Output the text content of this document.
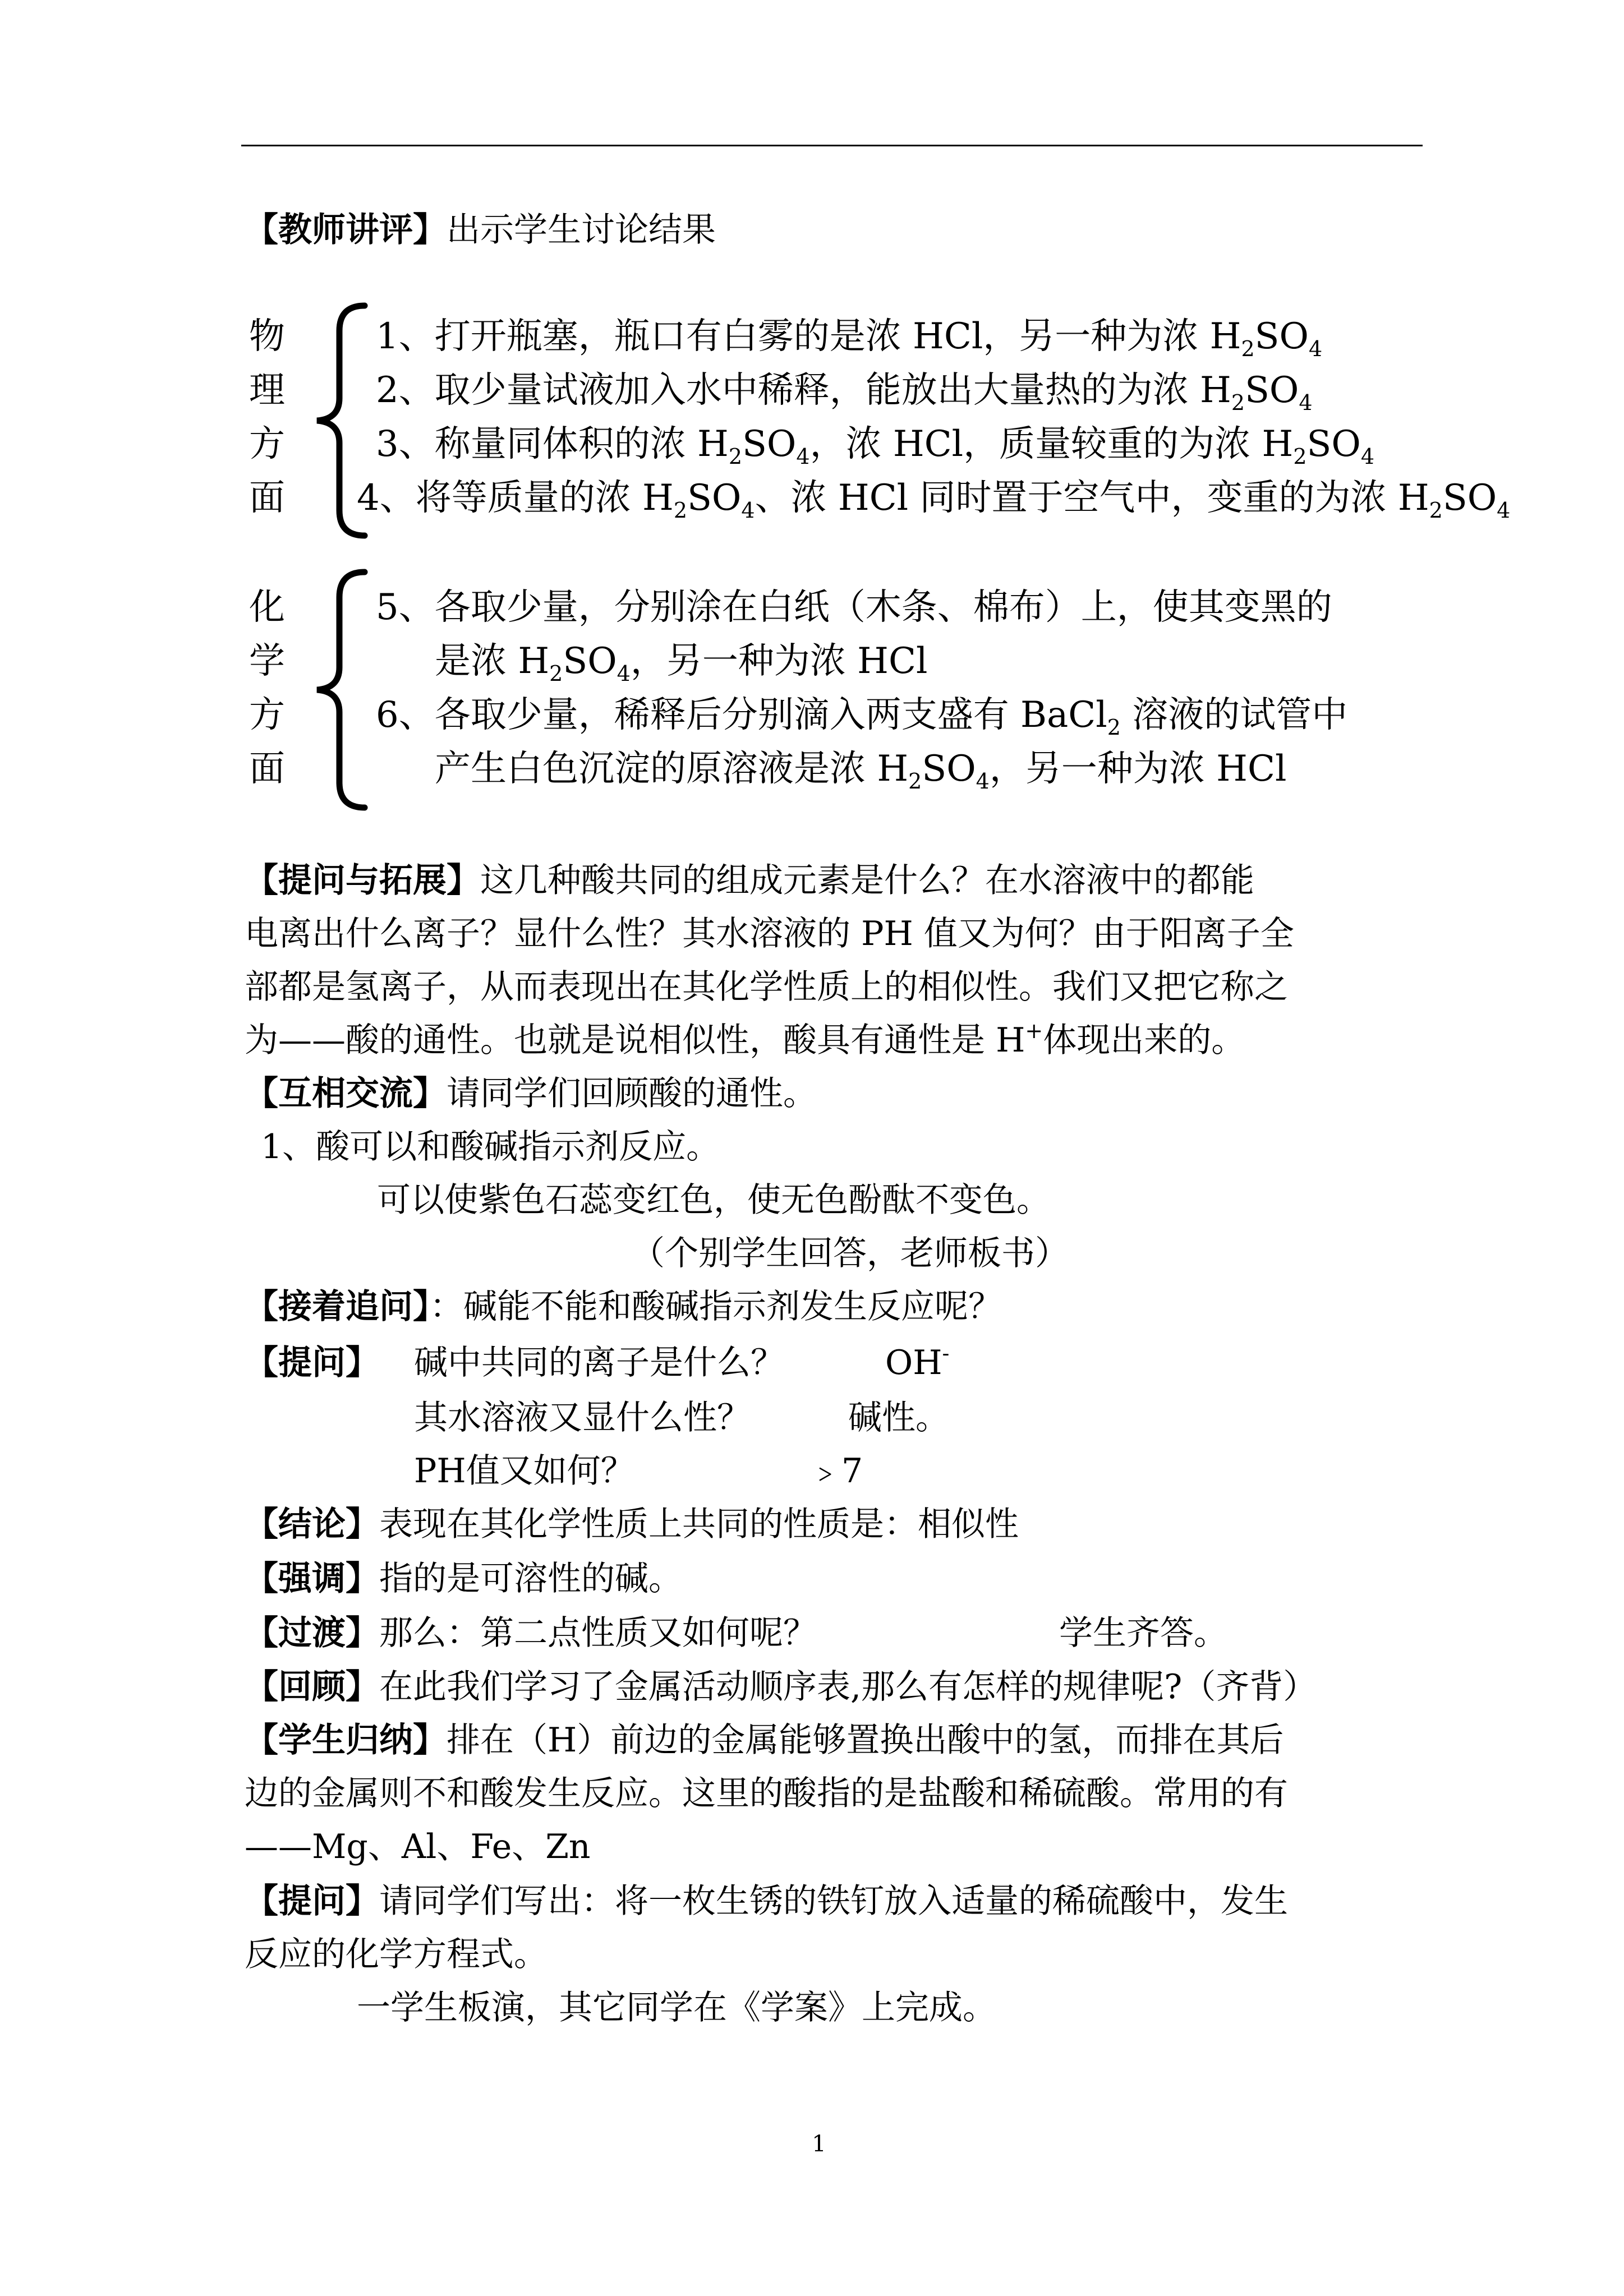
【教师讲评】出示学生讨论结果
物
理
方
面
1、打开瓶塞，瓶口有白雾的是浓 HCl，另一种为浓 $H_2SO_4$
2、取少量试液加入水中稀释，能放出大量热的为浓 $H_2SO_4$
3、称量同体积的浓 $H_2SO_4$，浓 HCl，质量较重的为浓 $H_2SO_4$
4、将等质量的浓 $H_2SO_4$、浓 HCl 同时置于空气中，变重的为浓 $H_2SO_4$
化
学
方
面
5、各取少量，分别涂在白纸（木条、棉布）上，使其变黑的
是浓 $H_2SO_4$，另一种为浓 HCl
6、各取少量，稀释后分别滴入两支盛有 BaCl$_2$ 溶液的试管中
产生白色沉淀的原溶液是浓 $H_2SO_4$，另一种为浓 HCl
【提问与拓展】这几种酸共同的组成元素是什么？在水溶液中的都能
电离出什么离子？显什么性？其水溶液的 PH 值又为何？由于阳离子全
部都是氢离子，从而表现出在其化学性质上的相似性。我们又把它称之
为——酸的通性。也就是说相似性，酸具有通性是 H+体现出来的。
【互相交流】请同学们回顾酸的通性。
1、酸可以和酸碱指示剂反应。
可以使紫色石蕊变红色，使无色酚酞不变色。
（个别学生回答，老师板书）
【接着追问】：碱能不能和酸碱指示剂发生反应呢？
【提问】 碱中共同的离子是什么？	OH-
其水溶液又显什么性？	碱性。
PH值又如何？	﹥7
【结论】表现在其化学性质上共同的性质是：相似性
【强调】指的是可溶性的碱。
【过渡】那么：第二点性质又如何呢？	学生齐答。
【回顾】在此我们学习了金属活动顺序表,那么有怎样的规律呢?（齐背）
【学生归纳】排在（H）前边的金属能够置换出酸中的氢，而排在其后
边的金属则不和酸发生反应。这里的酸指的是盐酸和稀硫酸。常用的有
——Mg、Al、Fe、Zn
【提问】请同学们写出：将一枚生锈的铁钉放入适量的稀硫酸中，发生
反应的化学方程式。
一学生板演，其它同学在《学案》上完成。
1
